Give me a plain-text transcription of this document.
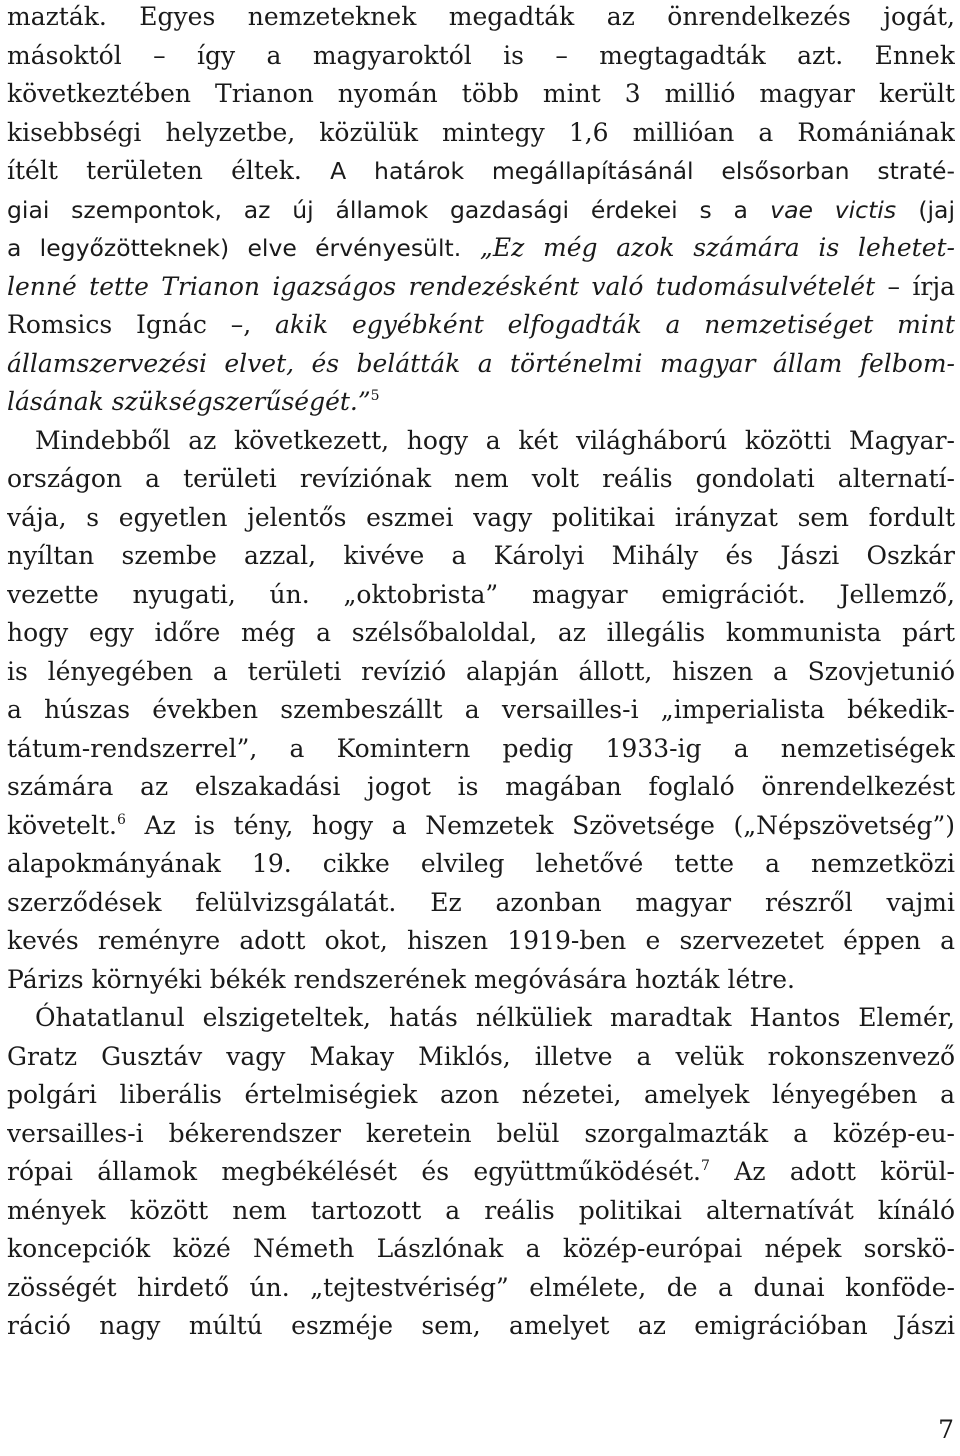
mazták. Egyes nemzeteknek megadták az önrendelkezés jogát,
másoktól – így a magyaroktól is – megtagadták azt. Ennek
következtében Trianon nyomán több mint 3 millió magyar került
kisebbségi helyzetbe, közülük mintegy 1,6 millióan a Romániának
ítélt területen éltek. A határok megállapításánál elsősorban straté-
giai szempontok, az új államok gazdasági érdekei s a vae victis (jaj
a legyőzötteknek) elve érvényesült. „Ez még azok számára is lehetet-
lenné tette Trianon igazságos rendezésként való tudomásulvételét – írja
Romsics Ignác –, akik egyébként elfogadták a nemzetiséget mint
államszervezési elvet, és belátták a történelmi magyar állam felbom-
lásának szükségszerűségét.”$^5$
Mindebből az következett, hogy a két világháború közötti Magyar-
országon a területi revíziónak nem volt reális gondolati alternatí-
vája, s egyetlen jelentős eszmei vagy politikai irányzat sem fordult
nyíltan szembe azzal, kivéve a Károlyi Mihály és Jászi Oszkár
vezette nyugati, ún. „oktobrista” magyar emigrációt. Jellemző,
hogy egy időre még a szélsőbaloldal, az illegális kommunista párt
is lényegében a területi revízió alapján állott, hiszen a Szovjetunió
a húszas években szembeszállt a versailles-i „imperialista békedik-
tátum-rendszerrel”, a Komintern pedig 1933-ig a nemzetiségek
számára az elszakadási jogot is magában foglaló önrendelkezést
követelt.$^6$ Az is tény, hogy a Nemzetek Szövetsége („Népszövetség”)
alapokmányának 19. cikke elvileg lehetővé tette a nemzetközi
szerződések felülvizsgálatát. Ez azonban magyar részről vajmi
kevés reményre adott okot, hiszen 1919-ben e szervezetet éppen a
Párizs környéki békék rendszerének megóvására hozták létre.
Óhatatlanul elszigeteltek, hatás nélküliek maradtak Hantos Elemér,
Gratz Gusztáv vagy Makay Miklós, illetve a velük rokonszenvező
polgári liberális értelmiségiek azon nézetei, amelyek lényegében a
versailles-i békerendszer keretein belül szorgalmazták a közép-eu-
rópai államok megbékélését és együttműködését.$^7$ Az adott körül-
mények között nem tartozott a reális politikai alternatívát kínáló
koncepciók közé Németh Lászlónak a közép-európai népek sorskö-
zösségét hirdető ún. „tejtestvériség” elmélete, de a dunai konföde-
ráció nagy múltú eszméje sem, amelyet az emigrációban Jászi
7
